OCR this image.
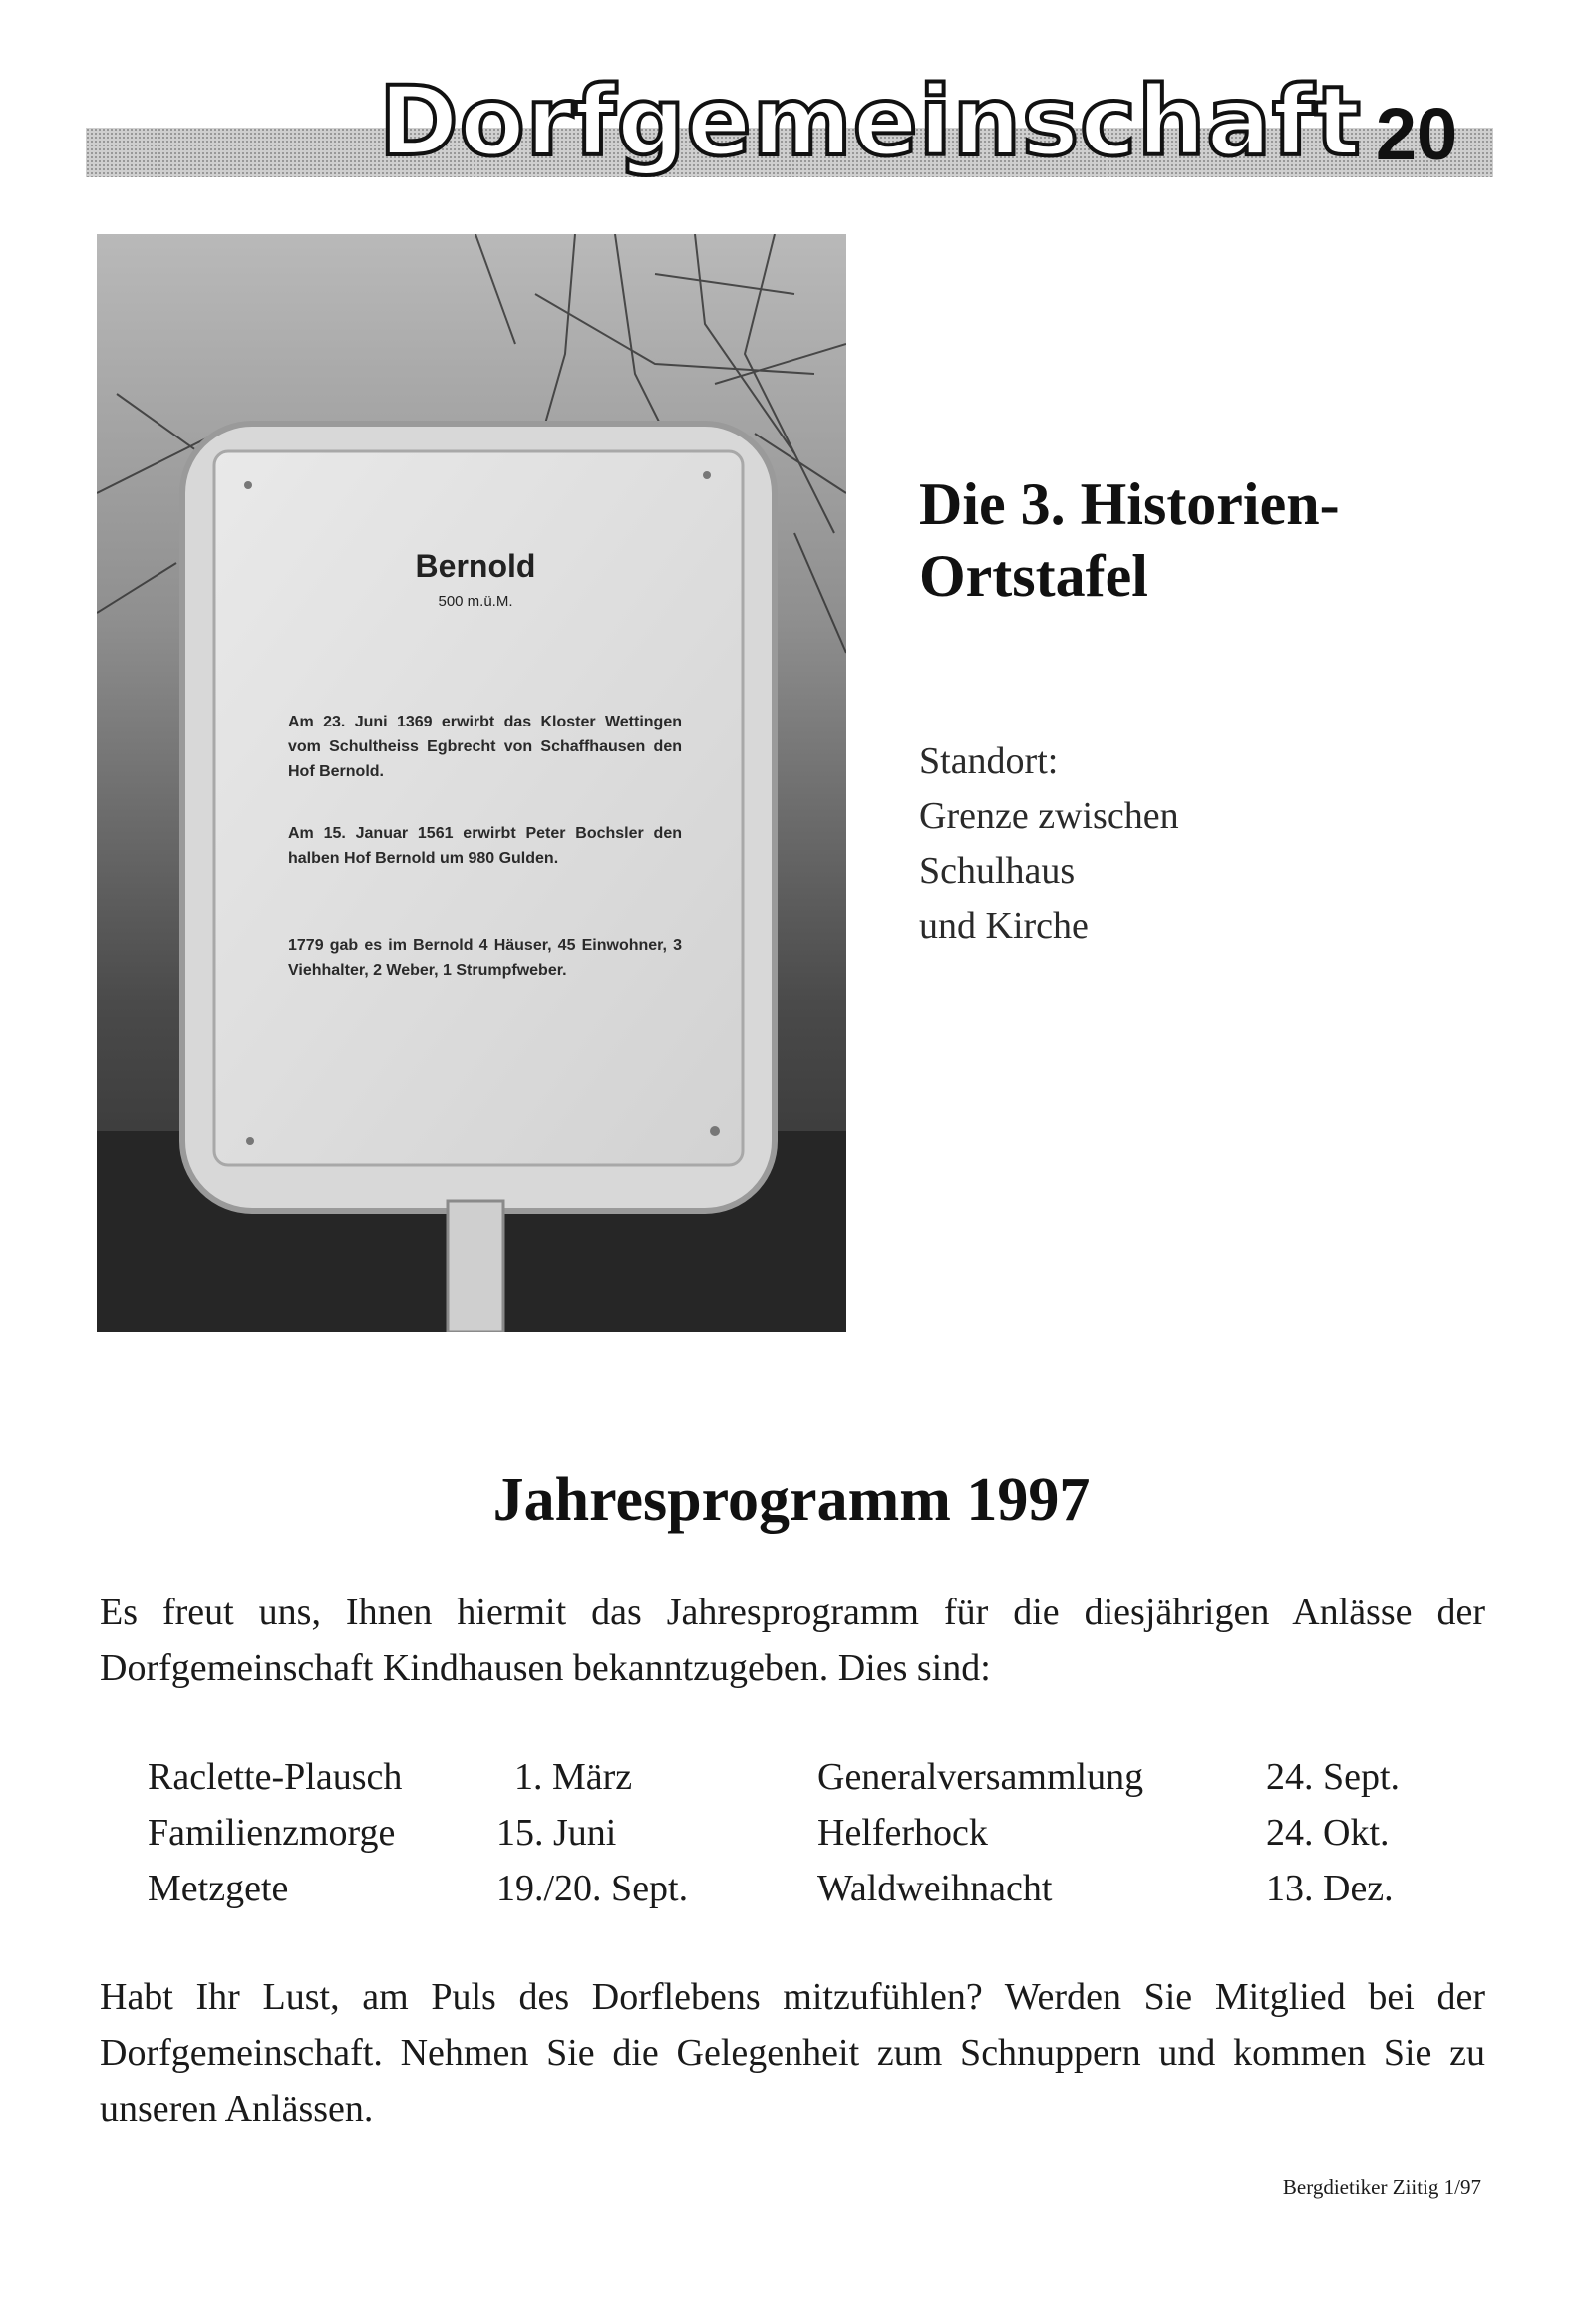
Dorfgemeinschaft 20
Bernold
500 m.ü.M.
Am 23. Juni 1369 erwirbt das Kloster Wettingen vom Schultheiss Egbrecht von Schaffhausen den Hof Bernold.
Am 15. Januar 1561 erwirbt Peter Bochsler den halben Hof Bernold um 980 Gulden.
1779 gab es im Bernold 4 Häuser, 45 Einwohner, 3 Viehhalter, 2 Weber, 1 Strumpfweber.
Die 3. Historien-
Ortstafel
Standort:
Grenze zwischen
Schulhaus
und Kirche
Jahresprogramm 1997
Es freut uns, Ihnen hiermit das Jahresprogramm für die diesjährigen Anlässe der Dorfgemeinschaft Kindhausen bekanntzugeben. Dies sind:
Raclette-Plausch	1. März	Generalversammlung	24. Sept.
Familienzmorge	15. Juni	Helferhock	24. Okt.
Metzgete	19./20. Sept.	Waldweihnacht	13. Dez.
Habt Ihr Lust, am Puls des Dorflebens mitzufühlen? Werden Sie Mitglied bei der Dorfgemeinschaft. Nehmen Sie die Gelegenheit zum Schnuppern und kommen Sie zu unseren Anlässen.
Bergdietiker Ziitig 1/97
